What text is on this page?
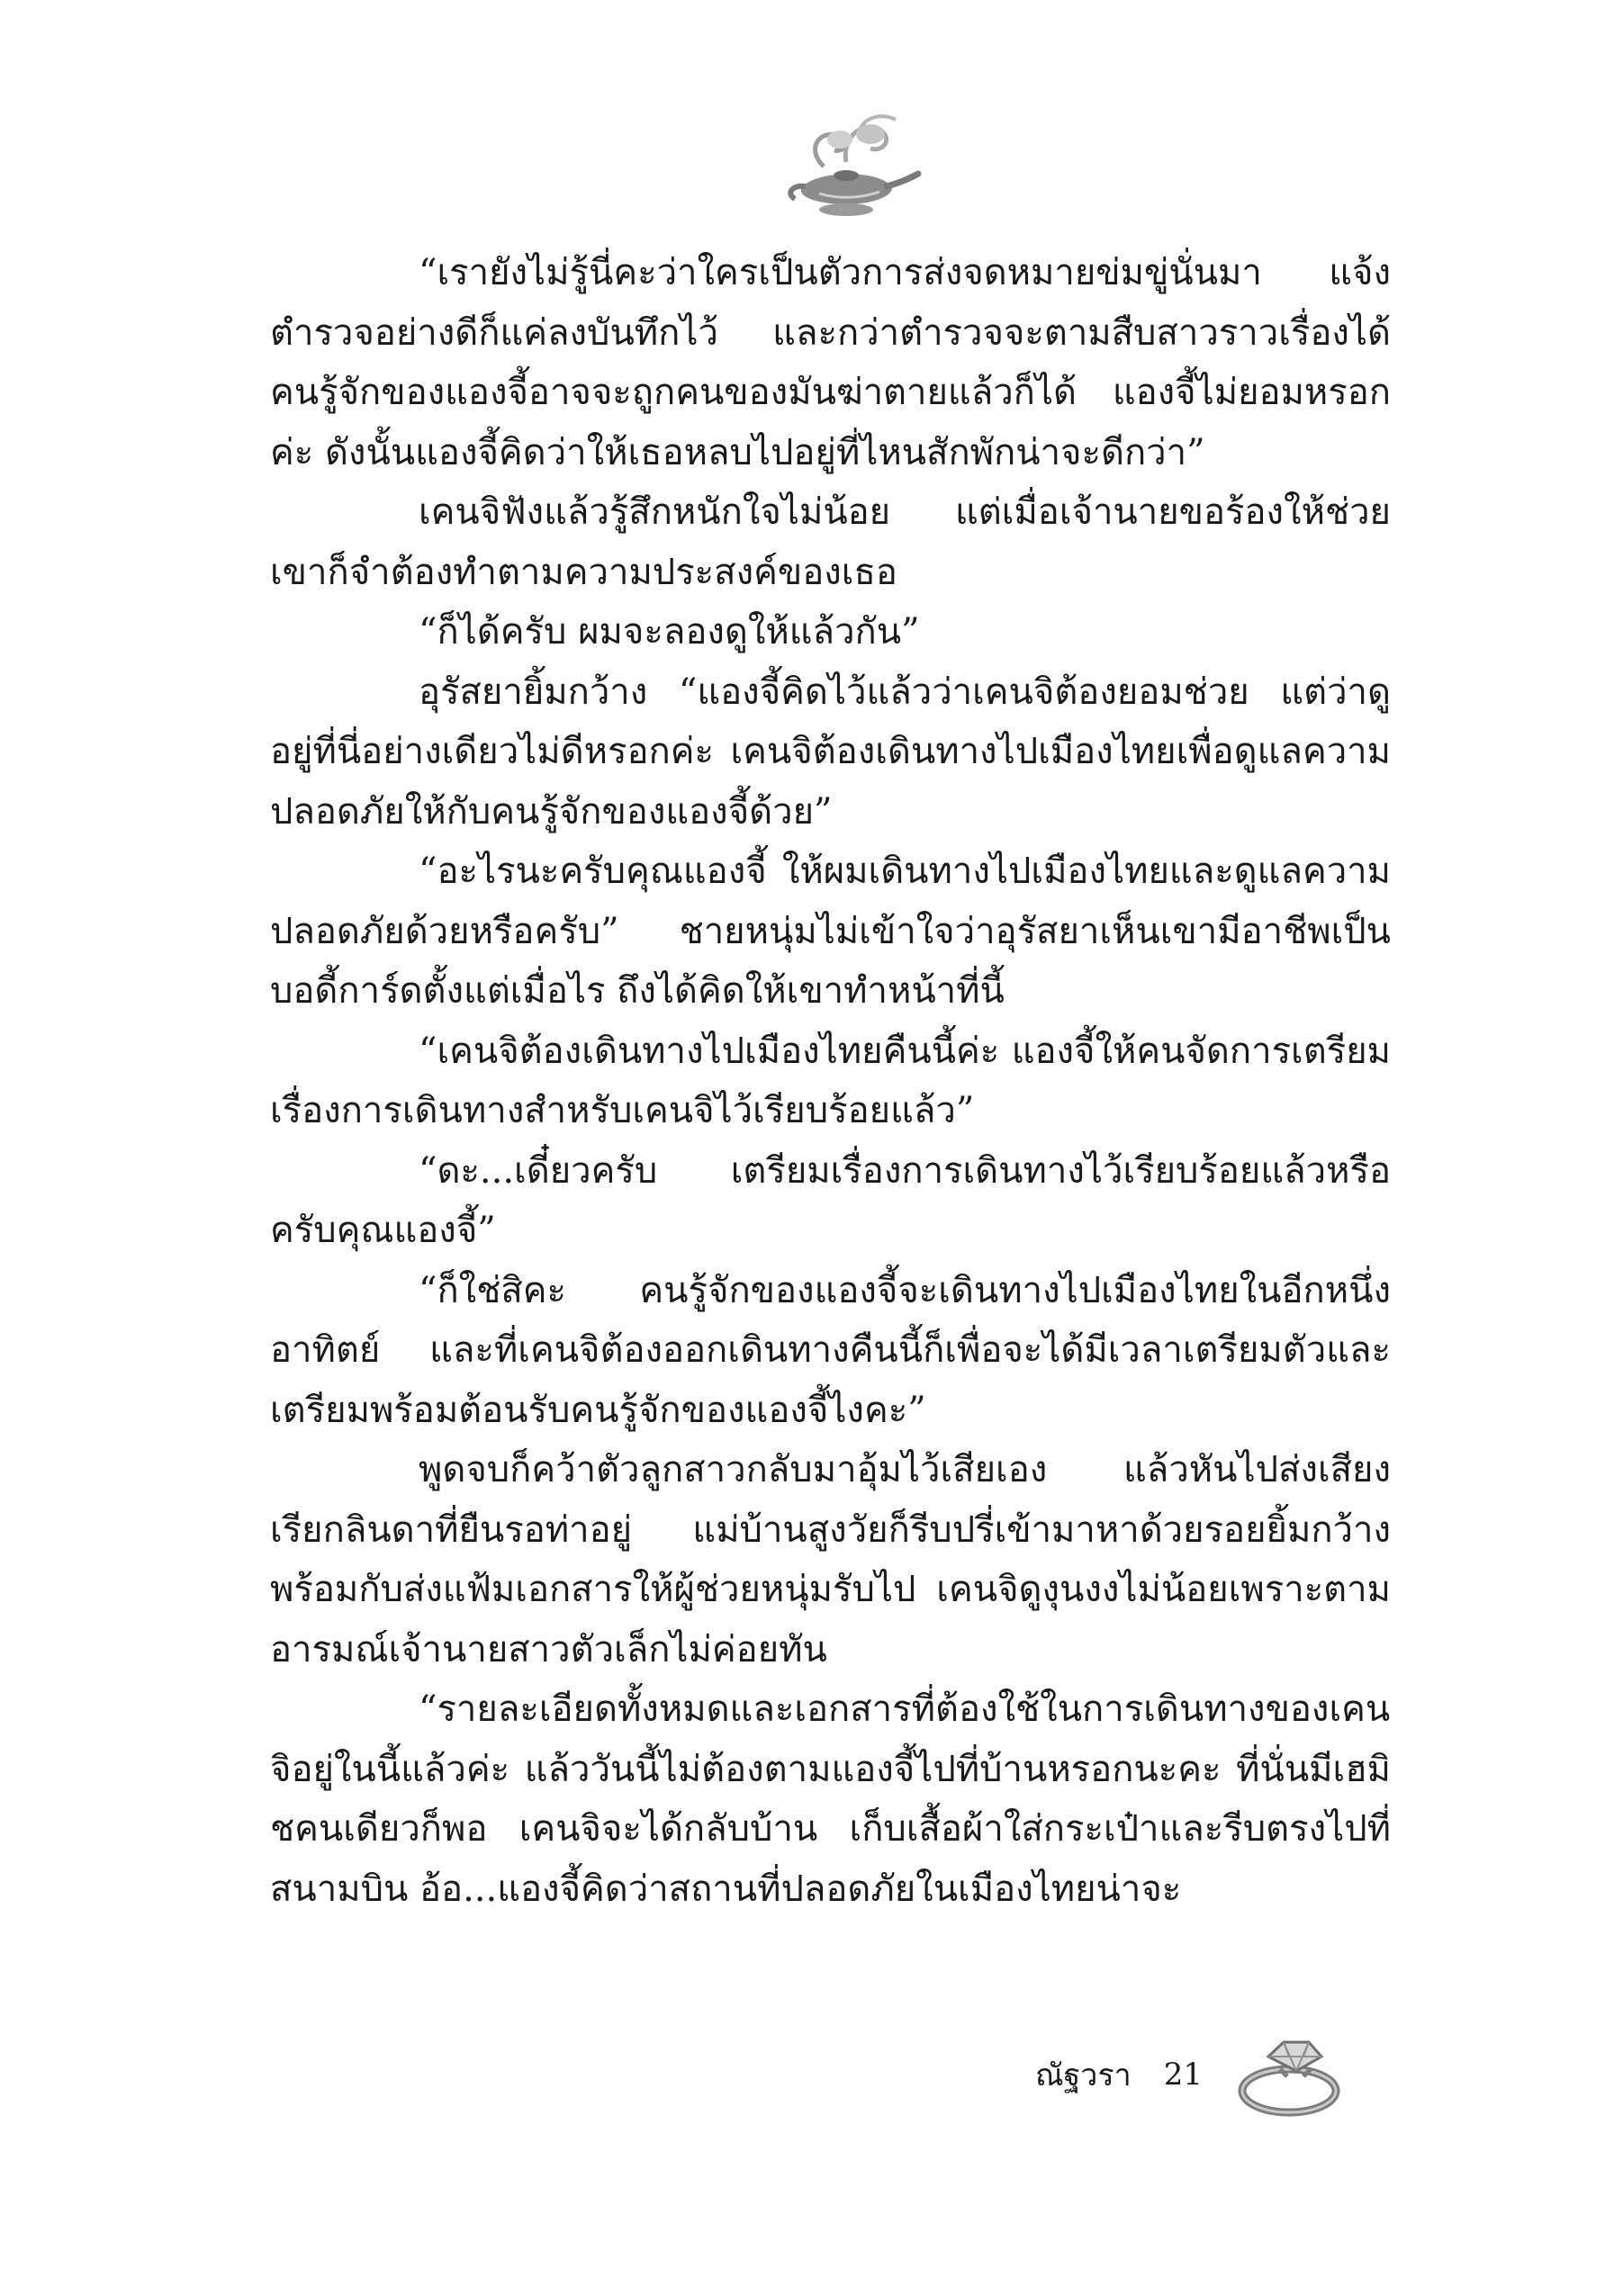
“เรายังไม่รู้นี่คะว่าใครเป็นตัวการส่งจดหมายข่มขู่นั่นมา แจ้งตำรวจอย่างดีก็แค่ลงบันทึกไว้ และกว่าตำรวจจะตามสืบสาวราวเรื่องได้ คนรู้จักของแองจี้อาจจะถูกคนของมันฆ่าตายแล้วก็ได้ แองจี้ไม่ยอมหรอกค่ะ ดังนั้นแองจี้คิดว่าให้เธอหลบไปอยู่ที่ไหนสักพักน่าจะดีกว่า”

เคนจิฟังแล้วรู้สึกหนักใจไม่น้อย แต่เมื่อเจ้านายขอร้องให้ช่วย เขาก็จำต้องทำตามความประสงค์ของเธอ

“ก็ได้ครับ ผมจะลองดูให้แล้วกัน”

อุรัสยายิ้มกว้าง “แองจี้คิดไว้แล้วว่าเคนจิต้องยอมช่วย แต่ว่าดูอยู่ที่นี่อย่างเดียวไม่ดีหรอกค่ะ เคนจิต้องเดินทางไปเมืองไทยเพื่อดูแลความปลอดภัยให้กับคนรู้จักของแองจี้ด้วย”

“อะไรนะครับคุณแองจี้ ให้ผมเดินทางไปเมืองไทยและดูแลความปลอดภัยด้วยหรือครับ” ชายหนุ่มไม่เข้าใจว่าอุรัสยาเห็นเขามีอาชีพเป็นบอดี้การ์ดตั้งแต่เมื่อไร ถึงได้คิดให้เขาทำหน้าที่นี้

“เคนจิต้องเดินทางไปเมืองไทยคืนนี้ค่ะ แองจี้ให้คนจัดการเตรียมเรื่องการเดินทางสำหรับเคนจิไว้เรียบร้อยแล้ว”

“ดะ...เดี๋ยวครับ เตรียมเรื่องการเดินทางไว้เรียบร้อยแล้วหรือครับคุณแองจี้”

“ก็ใช่สิคะ คนรู้จักของแองจี้จะเดินทางไปเมืองไทยในอีกหนึ่งอาทิตย์ และที่เคนจิต้องออกเดินทางคืนนี้ก็เพื่อจะได้มีเวลาเตรียมตัวและเตรียมพร้อมต้อนรับคนรู้จักของแองจี้ไงคะ”

พูดจบก็คว้าตัวลูกสาวกลับมาอุ้มไว้เสียเอง แล้วหันไปส่งเสียงเรียกลินดาที่ยืนรอท่าอยู่ แม่บ้านสูงวัยก็รีบปรี่เข้ามาหาด้วยรอยยิ้มกว้าง พร้อมกับส่งแฟ้มเอกสารให้ผู้ช่วยหนุ่มรับไป เคนจิดูงุนงงไม่น้อยเพราะตามอารมณ์เจ้านายสาวตัวเล็กไม่ค่อยทัน

“รายละเอียดทั้งหมดและเอกสารที่ต้องใช้ในการเดินทางของเคนจิอยู่ในนี้แล้วค่ะ แล้ววันนี้ไม่ต้องตามแองจี้ไปที่บ้านหรอกนะคะ ที่นั่นมีเฮมิชคนเดียวก็พอ เคนจิจะได้กลับบ้าน เก็บเสื้อผ้าใส่กระเป๋าและรีบตรงไปที่สนามบิน อ้อ...แองจี้คิดว่าสถานที่ปลอดภัยในเมืองไทยน่าจะ

ณัฐวรา 21
